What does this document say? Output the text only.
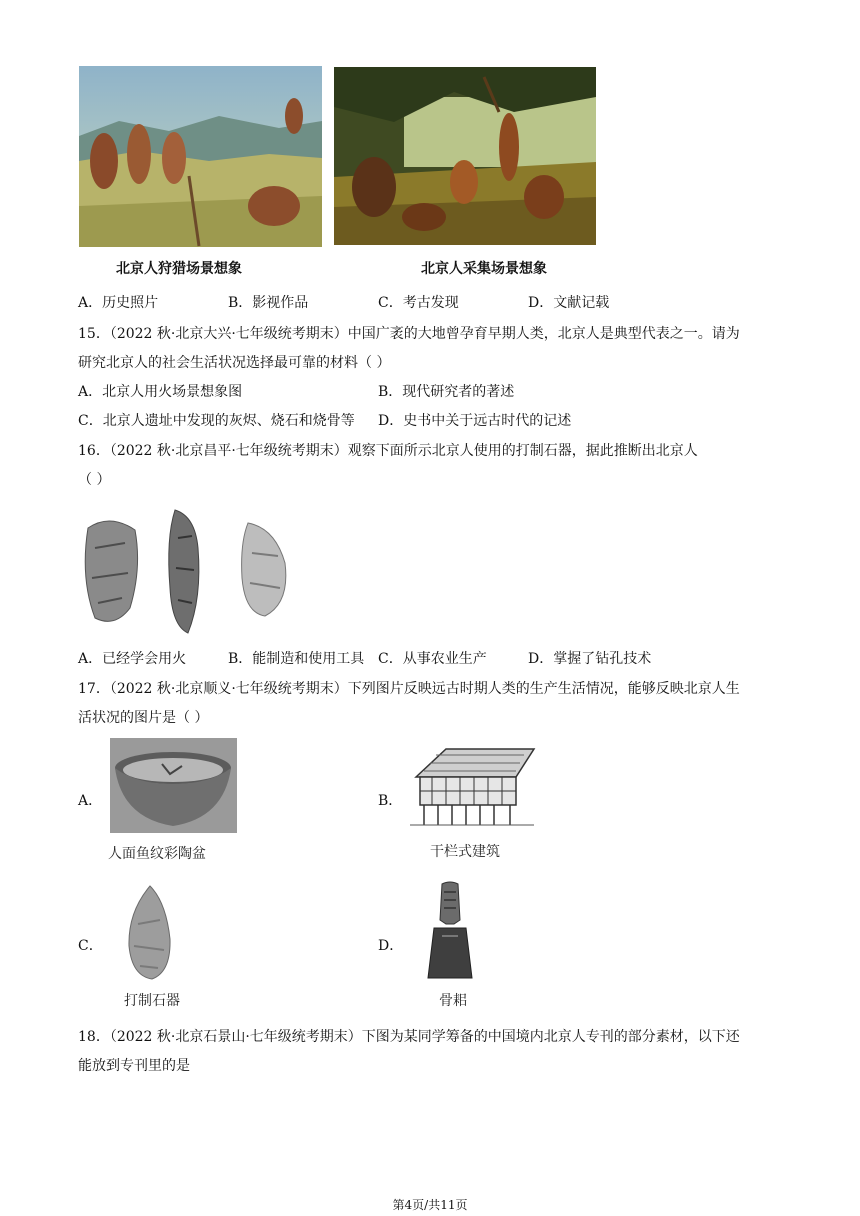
北京人狩猎场景想象	北京人采集场景想象
A．历史照片	B．影视作品	C．考古发现	D．文献记载
15．（2022 秋·北京大兴·七年级统考期末）中国广袤的大地曾孕育早期人类，北京人是典型代表之一。请为
研究北京人的社会生活状况选择最可靠的材料（ ）
A．北京人用火场景想象图	B．现代研究者的著述
C．北京人遗址中发现的灰烬、烧石和烧骨等 D．史书中关于远古时代的记述
16．（2022 秋·北京昌平·七年级统考期末）观察下面所示北京人使用的打制石器，据此推断出北京人
（ ）
A．已经学会用火	B．能制造和使用工具 C．从事农业生产	D．掌握了钻孔技术
17．（2022 秋·北京顺义·七年级统考期末）下列图片反映远古时期人类的生产生活情况，能够反映北京人生
活状况的图片是（ ）
A．
人面鱼纹彩陶盆
B．
干栏式建筑
C．
打制石器
D．
骨耜
18．（2022 秋·北京石景山·七年级统考期末）下图为某同学筹备的中国境内北京人专刊的部分素材，以下还
能放到专刊里的是
第4页/共11页
